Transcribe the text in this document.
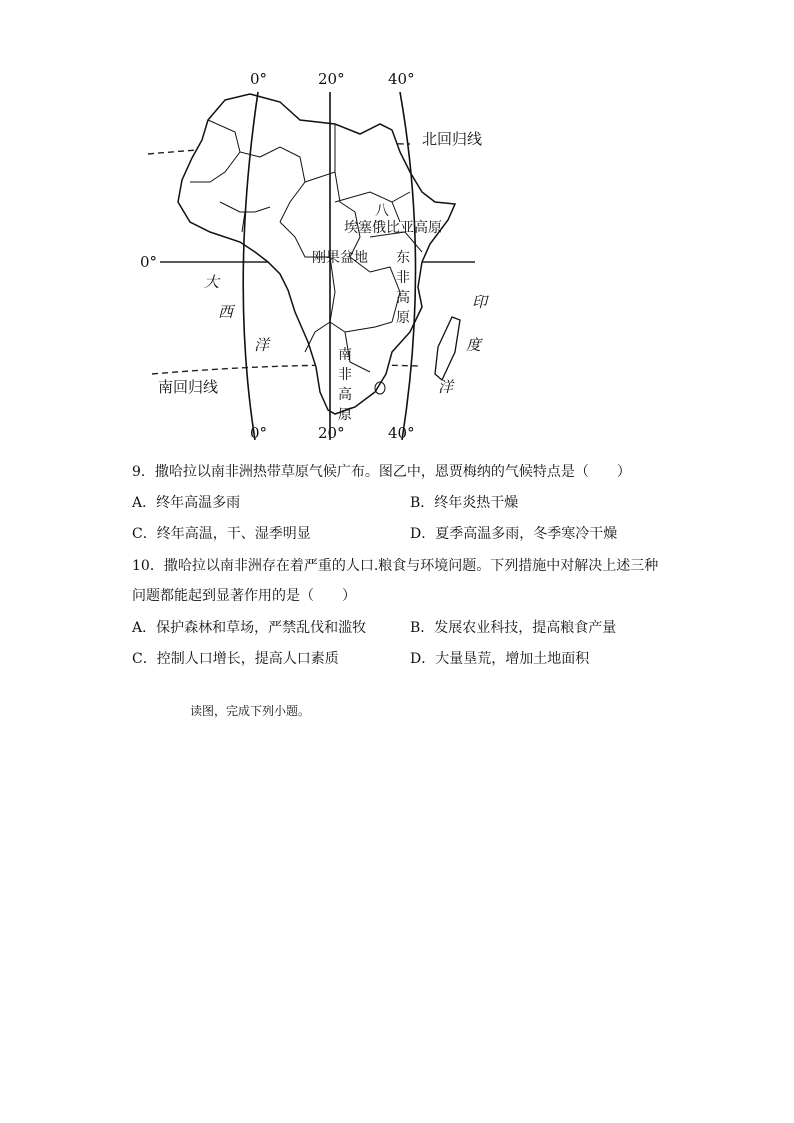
0°	20°	40°
0°	20°	40°
0°
北回归线
南回归线
八
埃 塞俄比亚高原
刚果盆地 东
非
高
原
南
非
高
原
大
西
洋
印
度
洋
9．撒哈拉以南非洲热带草原气候广布。图乙中，恩贾梅纳的气候特点是（　　）
A．终年高温多雨	B．终年炎热干燥
C．终年高温，干、湿季明显	D．夏季高温多雨，冬季寒冷干燥
10．撒哈拉以南非洲存在着严重的人口.粮食与环境问题。下列措施中对解决上述三种
问题都能起到显著作用的是（　　）
A．保护森林和草场，严禁乱伐和滥牧	B．发展农业科技，提高粮食产量
C．控制人口增长，提高人口素质	D．大量垦荒，增加土地面积
读图，完成下列小题。
